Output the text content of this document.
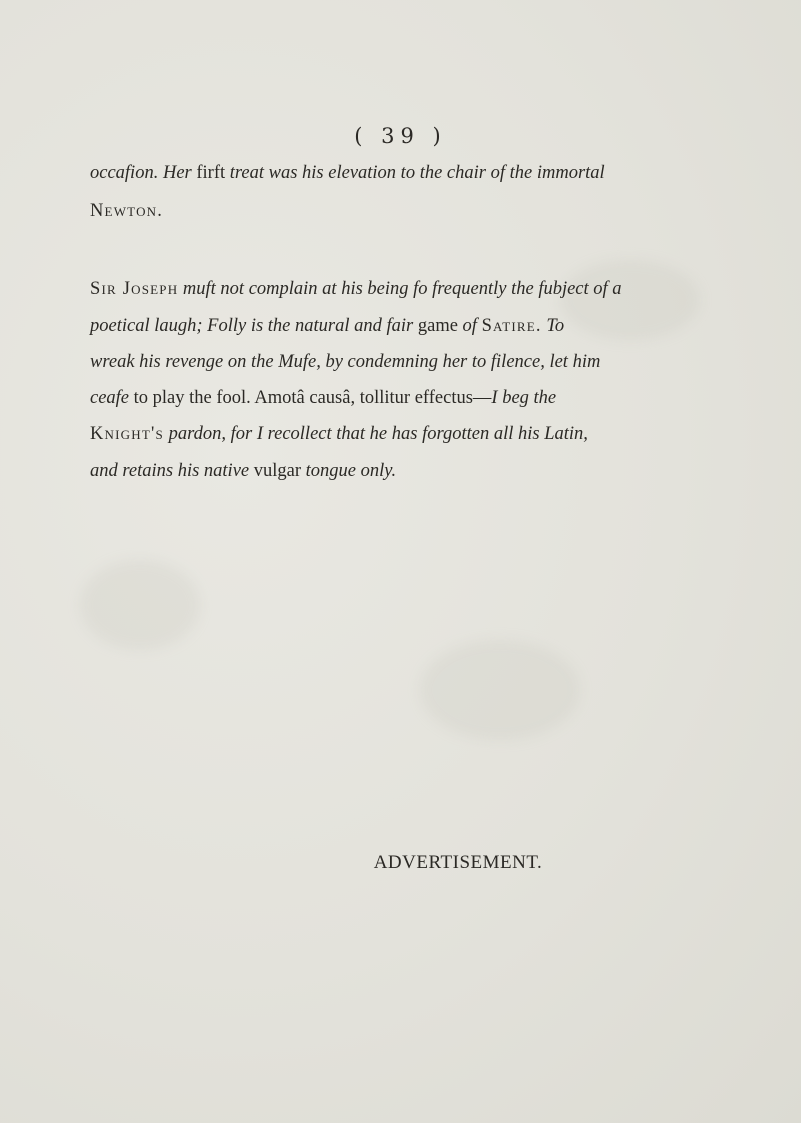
( 39 )
occafion. Her firft treat was his elevation to the chair of the immortal
Newton.
Sir Joseph muft not complain at his being fo frequently the fubject of a
poetical laugh; Folly is the natural and fair game of Satire. To
wreak his revenge on the Mufe, by condemning her to filence, let him
ceafe to play the fool. Amotâ causâ, tollitur effectus—I beg the
Knight's pardon, for I recollect that he has forgotten all his Latin,
and retains his native vulgar tongue only.
ADVERTISEMENT.
